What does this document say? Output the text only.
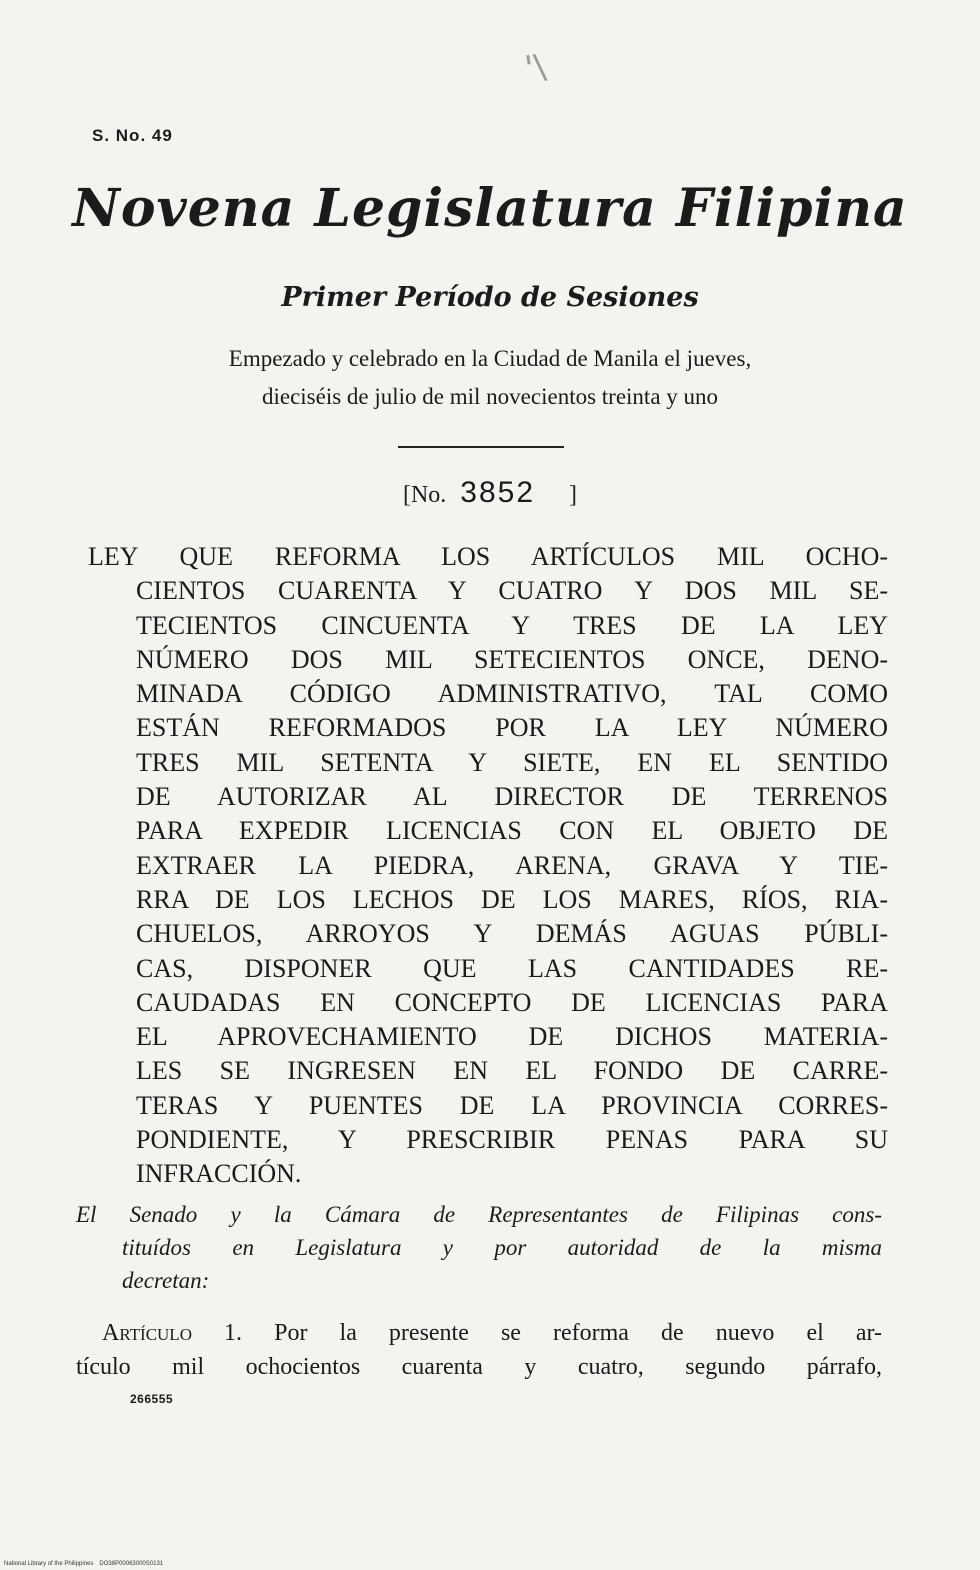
'\
S. No. 49
Novena Legislatura Filipina
Primer Período de Sesiones
Empezado y celebrado en la Ciudad de Manila el jueves,
dieciséis de julio de mil novecientos treinta y uno
[No. 3852 ]
LEY QUE REFORMA LOS ARTÍCULOS MIL OCHO-
CIENTOS CUARENTA Y CUATRO Y DOS MIL SE-
TECIENTOS CINCUENTA Y TRES DE LA LEY
NÚMERO DOS MIL SETECIENTOS ONCE, DENO-
MINADA CÓDIGO ADMINISTRATIVO, TAL COMO
ESTÁN REFORMADOS POR LA LEY NÚMERO
TRES MIL SETENTA Y SIETE, EN EL SENTIDO
DE AUTORIZAR AL DIRECTOR DE TERRENOS
PARA EXPEDIR LICENCIAS CON EL OBJETO DE
EXTRAER LA PIEDRA, ARENA, GRAVA Y TIE-
RRA DE LOS LECHOS DE LOS MARES, RÍOS, RIA-
CHUELOS, ARROYOS Y DEMÁS AGUAS PÚBLI-
CAS, DISPONER QUE LAS CANTIDADES RE-
CAUDADAS EN CONCEPTO DE LICENCIAS PARA
EL APROVECHAMIENTO DE DICHOS MATERIA-
LES SE INGRESEN EN EL FONDO DE CARRE-
TERAS Y PUENTES DE LA PROVINCIA CORRES-
PONDIENTE, Y PRESCRIBIR PENAS PARA SU
INFRACCIÓN.
El Senado y la Cámara de Representantes de Filipinas cons-
tituídos en Legislatura y por autoridad de la misma
decretan:
Artículo 1. Por la presente se reforma de nuevo el ar-
tículo mil ochocientos cuarenta y cuatro, segundo párrafo,
266555
National Library of the Philippines DO38P00063000S0131
